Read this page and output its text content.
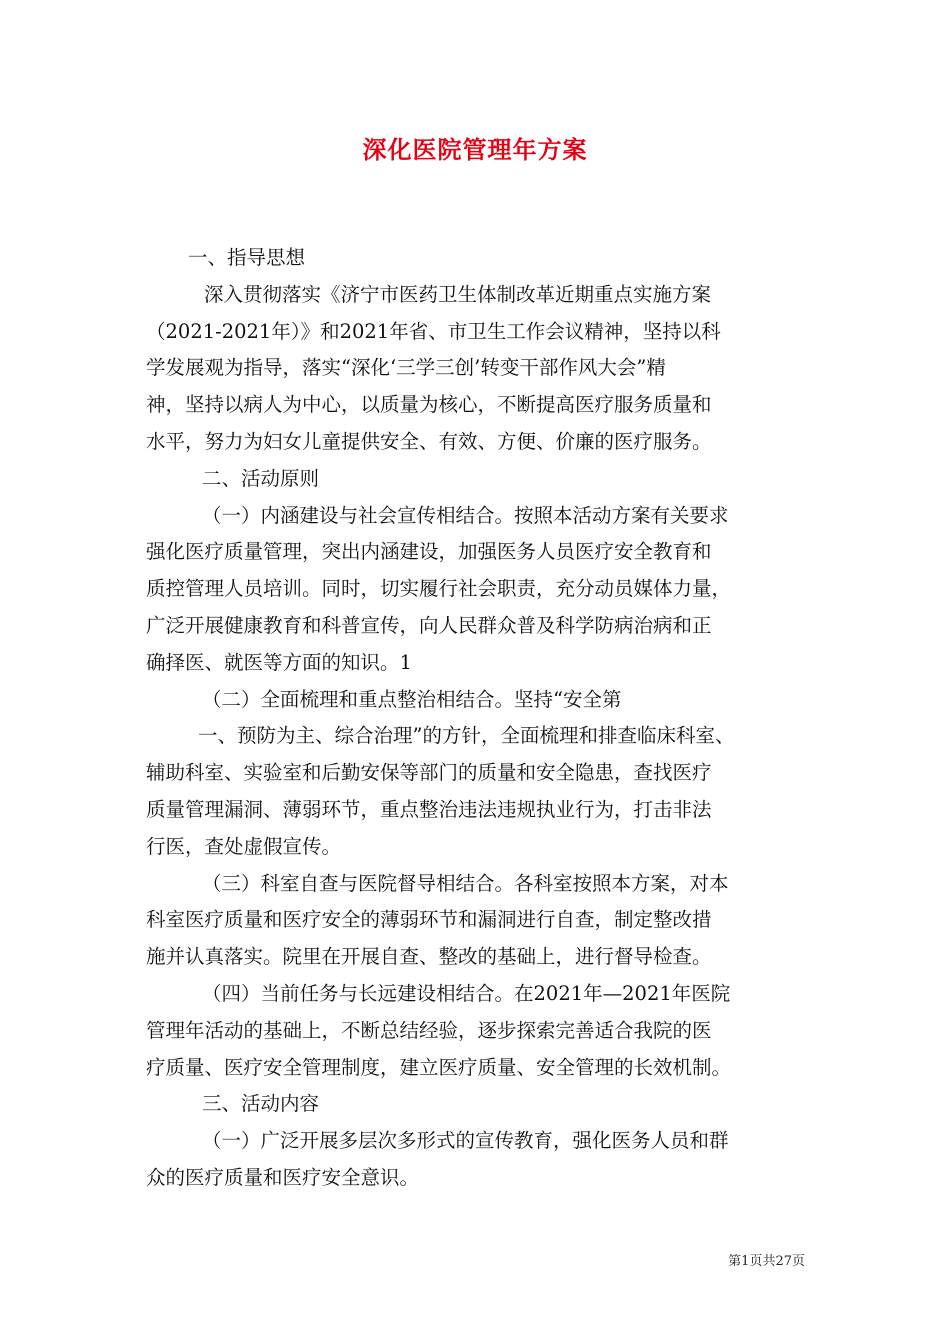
深化医院管理年方案
一、指导思想
深入贯彻落实《济宁市医药卫生体制改革近期重点实施方案
（2021-2021年）》和2021年省、市卫生工作会议精神，坚持以科
学发展观为指导，落实“深化‘三学三创’转变干部作风大会”精
神，坚持以病人为中心，以质量为核心，不断提高医疗服务质量和
水平，努力为妇女儿童提供安全、有效、方便、价廉的医疗服务。
二、活动原则
（一）内涵建设与社会宣传相结合。按照本活动方案有关要求
强化医疗质量管理，突出内涵建设，加强医务人员医疗安全教育和
质控管理人员培训。同时，切实履行社会职责，充分动员媒体力量，
广泛开展健康教育和科普宣传，向人民群众普及科学防病治病和正
确择医、就医等方面的知识。1
（二）全面梳理和重点整治相结合。坚持“安全第
一、预防为主、综合治理”的方针，全面梳理和排查临床科室、
辅助科室、实验室和后勤安保等部门的质量和安全隐患，查找医疗
质量管理漏洞、薄弱环节，重点整治违法违规执业行为，打击非法
行医，查处虚假宣传。
（三）科室自查与医院督导相结合。各科室按照本方案，对本
科室医疗质量和医疗安全的薄弱环节和漏洞进行自查，制定整改措
施并认真落实。院里在开展自查、整改的基础上，进行督导检查。
（四）当前任务与长远建设相结合。在2021年—2021年医院
管理年活动的基础上，不断总结经验，逐步探索完善适合我院的医
疗质量、医疗安全管理制度，建立医疗质量、安全管理的长效机制。
三、活动内容
（一）广泛开展多层次多形式的宣传教育，强化医务人员和群
众的医疗质量和医疗安全意识。
第1页共27页
